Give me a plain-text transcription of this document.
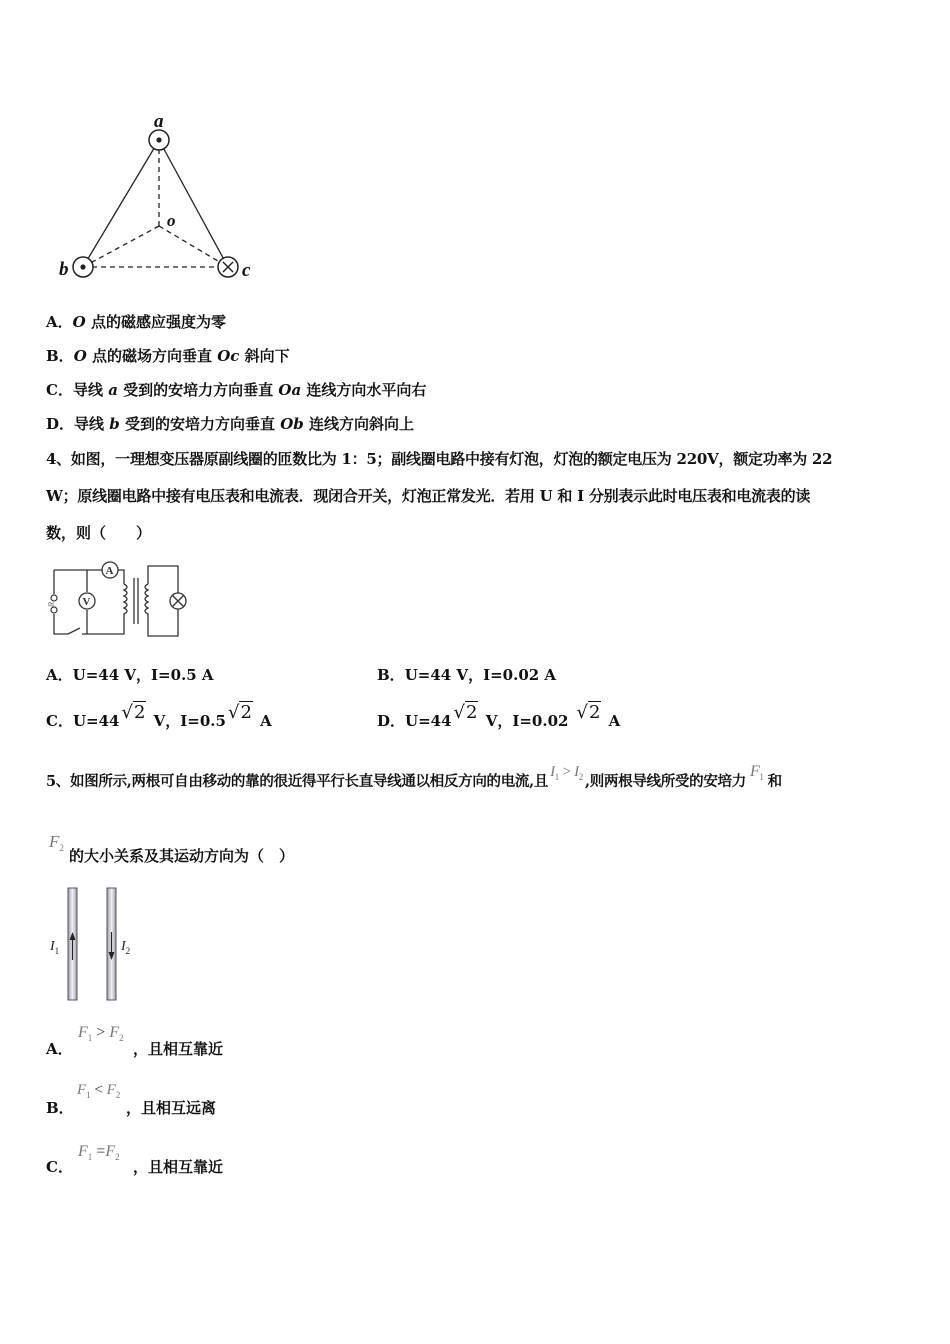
a
b	c
o
A．O 点的磁感应强度为零
B．O 点的磁场方向垂直 Oc 斜向下
C．导线 a 受到的安培力方向垂直 Oa 连线方向水平向右
D．导线 b 受到的安培力方向垂直 Ob 连线方向斜向上
4、如图，一理想变压器原副线圈的匝数比为 1：5；副线圈电路中接有灯泡，灯泡的额定电压为 220V，额定功率为 22
W；原线圈电路中接有电压表和电流表．现闭合开关，灯泡正常发光．若用 U 和 I 分别表示此时电压表和电流表的读
数，则（　　）
≈
A
V
A．U=44 V，I=0.5 A	B．U=44 V，I=0.02 A
C．U=44 √2 V，I=0.5 √2 A	D．U=44 √2 V，I=0.02 √2 A
5、如图所示,两根可自由移动的靠的很近得平行长直导线通以相反方向的电流,且$I_1 > I_2$ ,则两根导线所受的安培力$F_1$ 和
$F_2$ 的大小关系及其运动方向为（　）
$I_1$	$I_2$
A．
$F_1 > F_2$
，且相互靠近
B．
$F_1 < F_2$
，且相互远离
C．
$F_1 =F_2$
，且相互靠近
